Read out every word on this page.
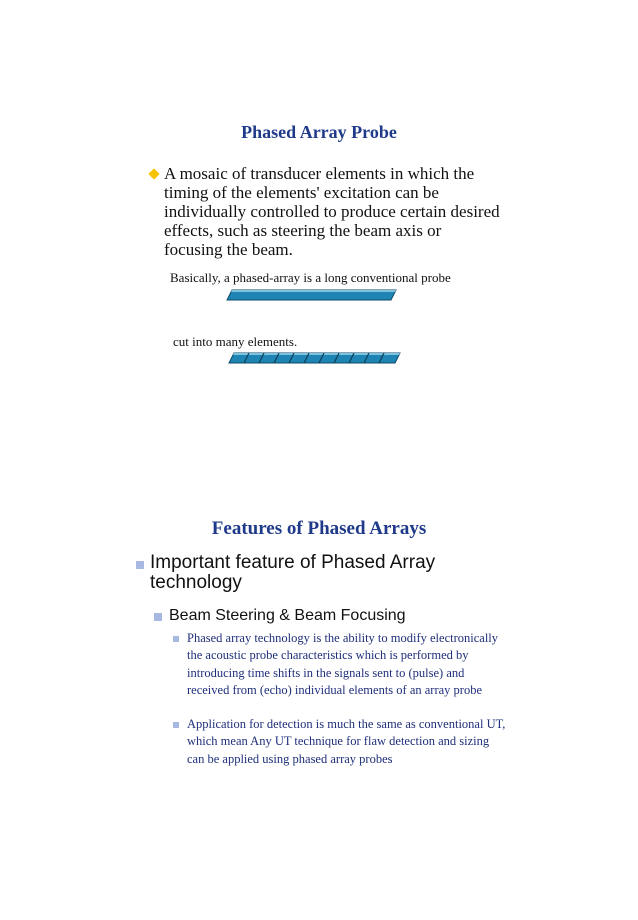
Phased Array Probe

A mosaic of transducer elements in which the timing of the elements' excitation can be individually controlled to produce certain desired effects, such as steering the beam axis or focusing the beam.

Basically, a phased-array is a long conventional probe

cut into many elements.

Features of Phased Arrays

Important feature of Phased Array technology

Beam Steering & Beam Focusing

Phased array technology is the ability to modify electronically the acoustic probe characteristics which is performed by introducing time shifts in the signals sent to (pulse) and received from (echo) individual elements of an array probe

Application for detection is much the same as conventional UT, which mean Any UT technique for flaw detection and sizing can be applied using phased array probes
